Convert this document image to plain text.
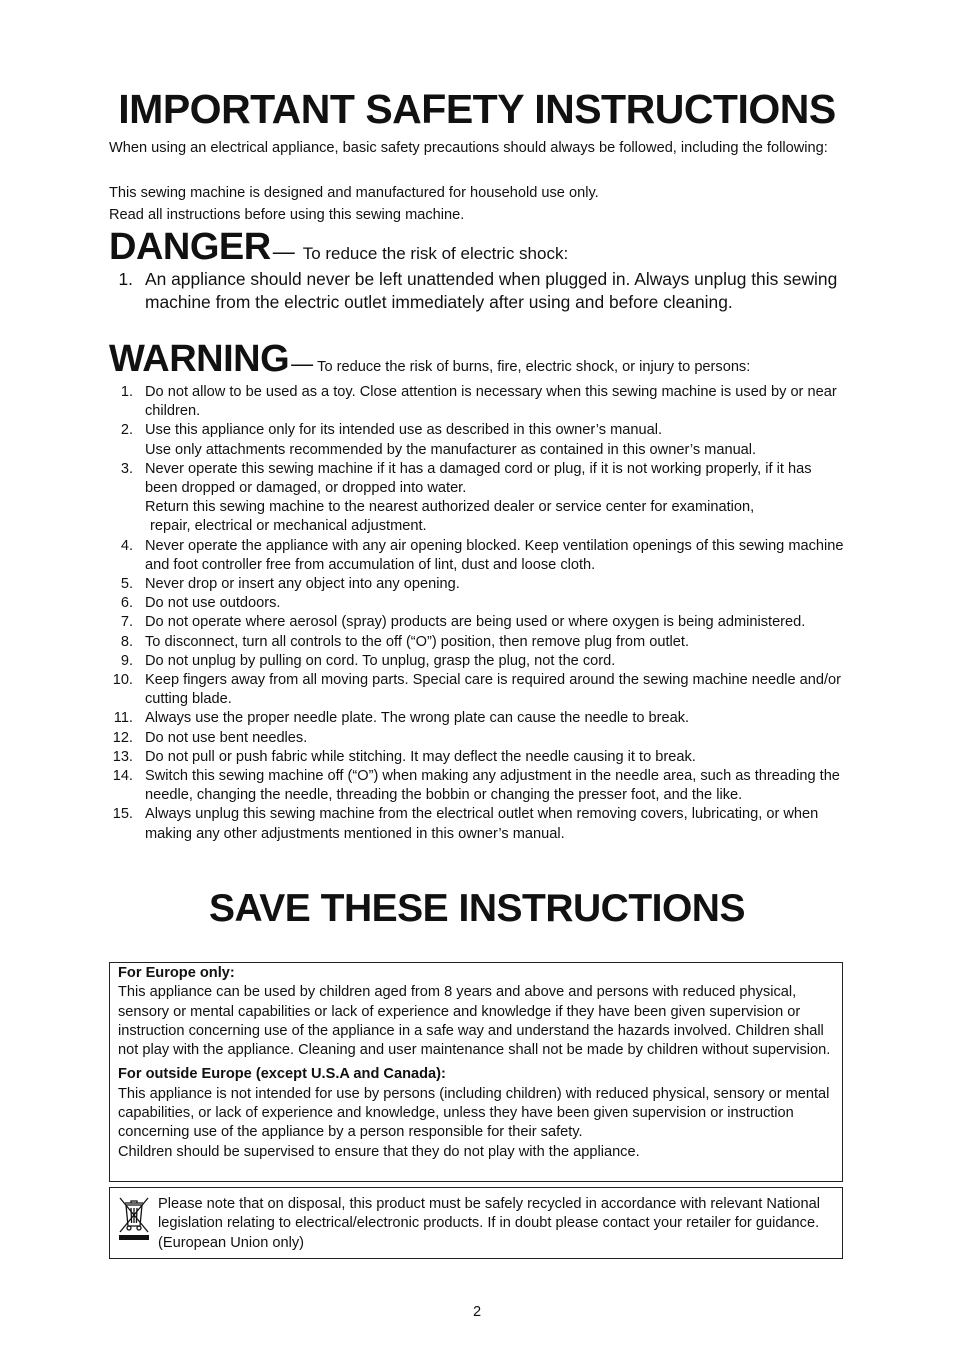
IMPORTANT SAFETY INSTRUCTIONS

When using an electrical appliance, basic safety precautions should always be followed, including the following:

This sewing machine is designed and manufactured for household use only.

Read all instructions before using this sewing machine.

DANGER— To reduce the risk of electric shock:
1. An appliance should never be left unattended when plugged in. Always unplug this sewing machine from the electric outlet immediately after using and before cleaning.
WARNING— To reduce the risk of burns, fire, electric shock, or injury to persons:
1. Do not allow to be used as a toy. Close attention is necessary when this sewing machine is used by or near children.
2. Use this appliance only for its intended use as described in this owner’s manual.
Use only attachments recommended by the manufacturer as contained in this owner’s manual.
3. Never operate this sewing machine if it has a damaged cord or plug, if it is not working properly, if it has been dropped or damaged, or dropped into water.
Return this sewing machine to the nearest authorized dealer or service center for examination,
repair, electrical or mechanical adjustment.
4. Never operate the appliance with any air opening blocked. Keep ventilation openings of this sewing machine and foot controller free from accumulation of lint, dust and loose cloth.
5. Never drop or insert any object into any opening.
6. Do not use outdoors.
7. Do not operate where aerosol (spray) products are being used or where oxygen is being administered.
8. To disconnect, turn all controls to the off (“O”) position, then remove plug from outlet.
9. Do not unplug by pulling on cord. To unplug, grasp the plug, not the cord.
10. Keep fingers away from all moving parts. Special care is required around the sewing machine needle and/or cutting blade.
11. Always use the proper needle plate. The wrong plate can cause the needle to break.
12. Do not use bent needles.
13. Do not pull or push fabric while stitching. It may deflect the needle causing it to break.
14. Switch this sewing machine off (“O”) when making any adjustment in the needle area, such as threading the needle, changing the needle, threading the bobbin or changing the presser foot, and the like.
15. Always unplug this sewing machine from the electrical outlet when removing covers, lubricating, or when making any other adjustments mentioned in this owner’s manual.
SAVE THESE INSTRUCTIONS

For Europe only:

This appliance can be used by children aged from 8 years and above and persons with reduced physical, sensory or mental capabilities or lack of experience and knowledge if they have been given supervision or instruction concerning use of the appliance in a safe way and understand the hazards involved. Children shall not play with the appliance. Cleaning and user maintenance shall not be made by children without supervision.

For outside Europe (except U.S.A and Canada):

This appliance is not intended for use by persons (including children) with reduced physical, sensory or mental capabilities, or lack of experience and knowledge, unless they have been given supervision or instruction concerning use of the appliance by a person responsible for their safety.

Children should be supervised to ensure that they do not play with the appliance.

Please note that on disposal, this product must be safely recycled in accordance with relevant National legislation relating to electrical/electronic products. If in doubt please contact your retailer for guidance. (European Union only)

2
